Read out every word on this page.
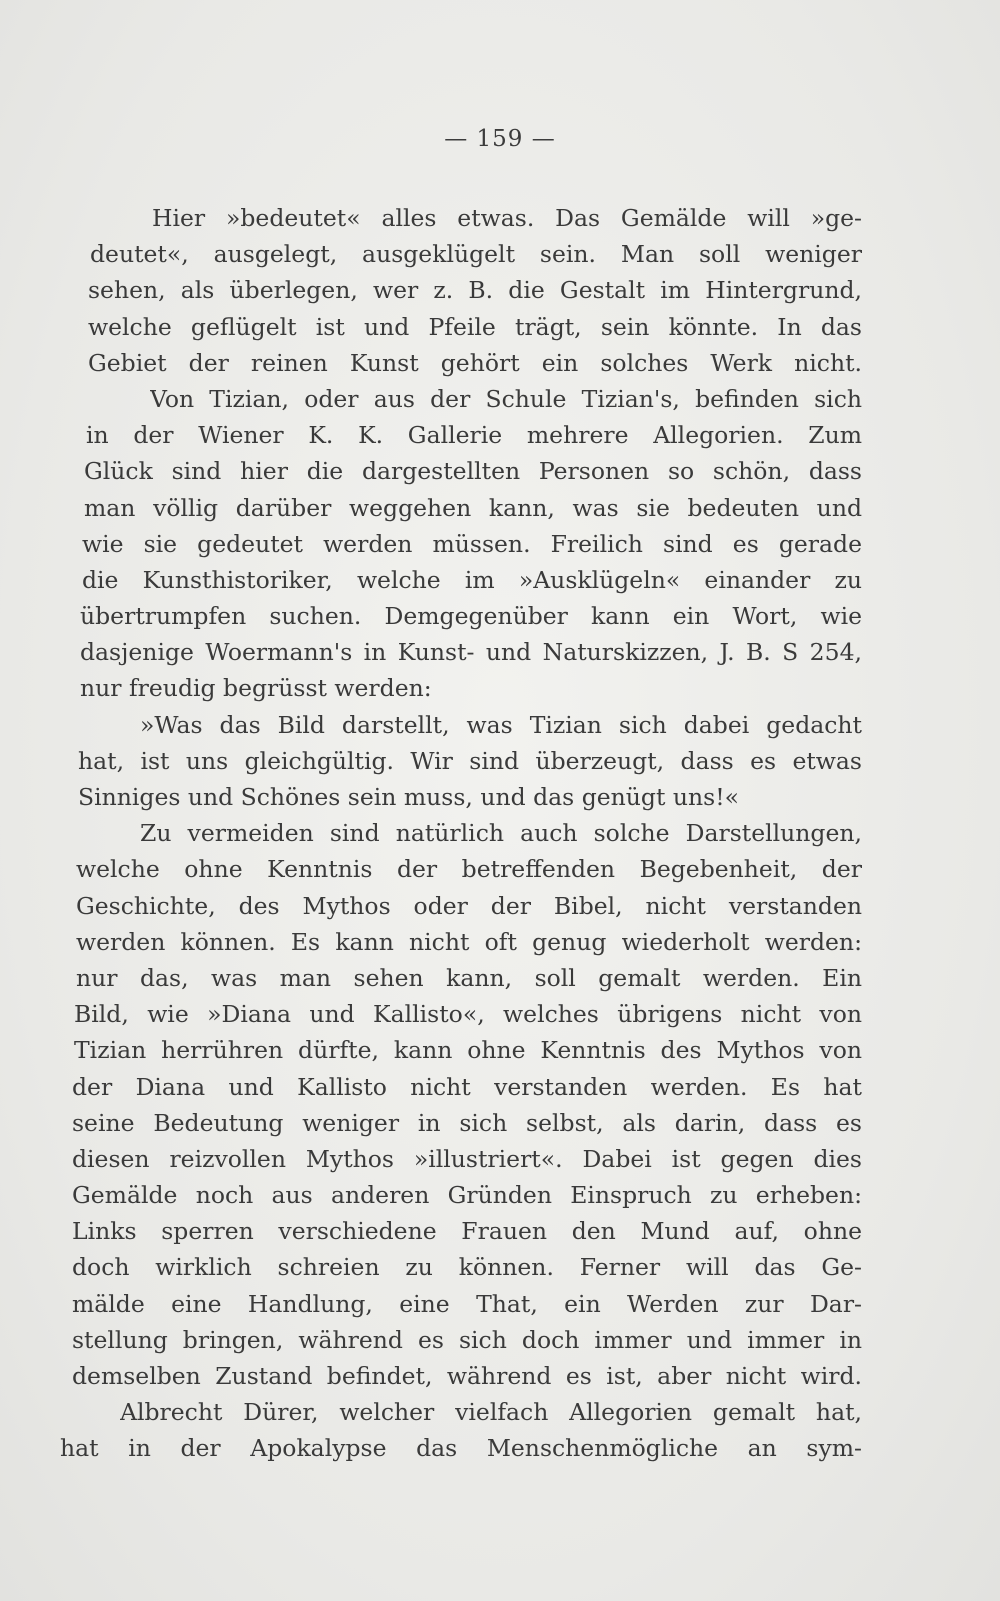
— 159 —
Hier »bedeutet« alles etwas. Das Gemälde will »ge-
deutet«, ausgelegt, ausgeklügelt sein. Man soll weniger
sehen, als überlegen, wer z. B. die Gestalt im Hintergrund,
welche geflügelt ist und Pfeile trägt, sein könnte. In das
Gebiet der reinen Kunst gehört ein solches Werk nicht.
Von Tizian, oder aus der Schule Tizian's, befinden sich
in der Wiener K. K. Gallerie mehrere Allegorien. Zum
Glück sind hier die dargestellten Personen so schön, dass
man völlig darüber weggehen kann, was sie bedeuten und
wie sie gedeutet werden müssen. Freilich sind es gerade
die Kunsthistoriker, welche im »Ausklügeln« einander zu
übertrumpfen suchen. Demgegenüber kann ein Wort, wie
dasjenige Woermann's in Kunst- und Naturskizzen, J. B. S 254,
nur freudig begrüsst werden:
»Was das Bild darstellt, was Tizian sich dabei gedacht
hat, ist uns gleichgültig. Wir sind überzeugt, dass es etwas
Sinniges und Schönes sein muss, und das genügt uns!«
Zu vermeiden sind natürlich auch solche Darstellungen,
welche ohne Kenntnis der betreffenden Begebenheit, der
Geschichte, des Mythos oder der Bibel, nicht verstanden
werden können. Es kann nicht oft genug wiederholt werden:
nur das, was man sehen kann, soll gemalt werden. Ein
Bild, wie »Diana und Kallisto«, welches übrigens nicht von
Tizian herrühren dürfte, kann ohne Kenntnis des Mythos von
der Diana und Kallisto nicht verstanden werden. Es hat
seine Bedeutung weniger in sich selbst, als darin, dass es
diesen reizvollen Mythos »illustriert«. Dabei ist gegen dies
Gemälde noch aus anderen Gründen Einspruch zu erheben:
Links sperren verschiedene Frauen den Mund auf, ohne
doch wirklich schreien zu können. Ferner will das Ge-
mälde eine Handlung, eine That, ein Werden zur Dar-
stellung bringen, während es sich doch immer und immer in
demselben Zustand befindet, während es ist, aber nicht wird.
Albrecht Dürer, welcher vielfach Allegorien gemalt hat,
hat in der Apokalypse das Menschenmögliche an sym-
